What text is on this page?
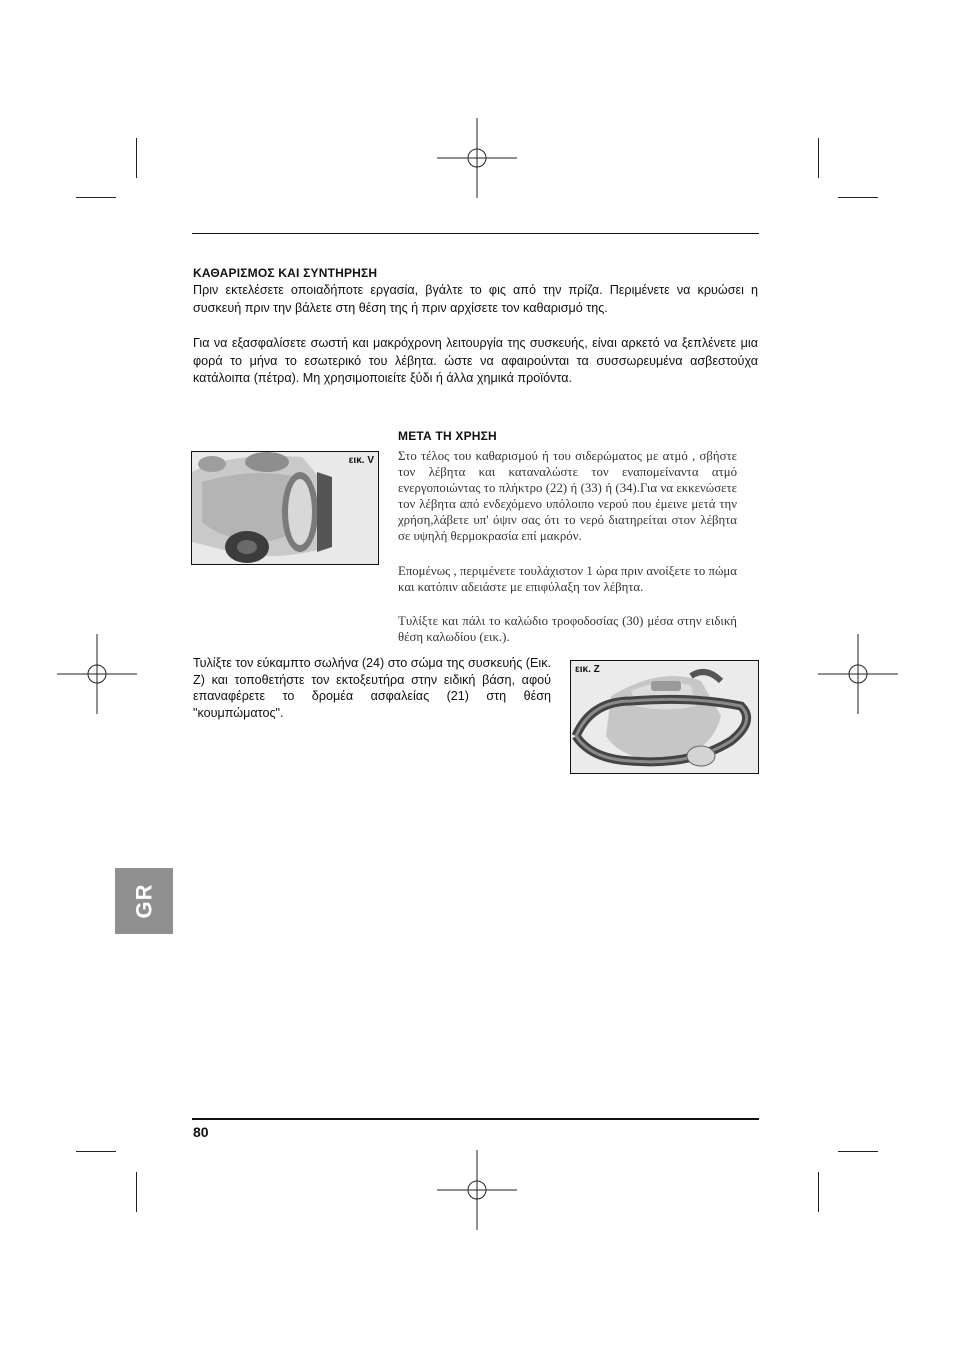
ΚΑΘΑΡΙΣΜΟΣ ΚΑΙ ΣΥΝΤΗΡΗΣΗ
Πριν εκτελέσετε οποιαδήποτε εργασία, βγάλτε το φις από την πρίζα. Περιμένετε να κρυώσει η συσκευή πριν την βάλετε στη θέση της ή πριν αρχίσετε τον καθαρισμό της.
Για να εξασφαλίσετε σωστή και μακρόχρονη λειτουργία της συσκευής, είναι αρκετό να ξεπλένετε μια φορά το μήνα το εσωτερικό του λέβητα. ώστε να αφαιρούνται τα συσσωρευμένα ασβεστούχα κατάλοιπα (πέτρα). Μη χρησιμοποιείτε ξύδι ή άλλα χημικά προϊόντα.
ΜΕΤΑ ΤΗ ΧΡΗΣΗ
εικ. V Στο τέλος του καθαρισμού ή του σιδερώματος με ατμό , σβήστε τον λέβητα και καταναλώστε τον εναπομείναντα ατμό ενεργοποιώντας το πλήκτρο (22) ή (33) ή (34).Για να εκκενώσετε τον λέβητα από ενδεχόμενο υπόλοιπο νερού που έμεινε μετά την χρήση,λάβετε υπ' όψιν σας ότι το νερό διατηρείται στον λέβητα σε υψηλή θερμοκρασία επί μακρόν.
Επομένως , περιμένετε τουλάχιστον 1 ώρα πριν ανοίξετε το πώμα και κατόπιν αδειάστε με επιφύλαξη τον λέβητα.
Τυλίξτε και πάλι το καλώδιο τροφοδοσίας (30) μέσα στην ειδική θέση καλωδίου (εικ.).
Τυλίξτε τον εύκαμπτο σωλήνα (24) στο σώμα της συσκευής (Εικ. Ζ) και τοποθετήστε τον εκτοξευτήρα στην ειδική βάση, αφού επαναφέρετε το δρομέα ασφαλείας (21) στη θέση "κουμπώματος".
εικ. Z
GR
80
